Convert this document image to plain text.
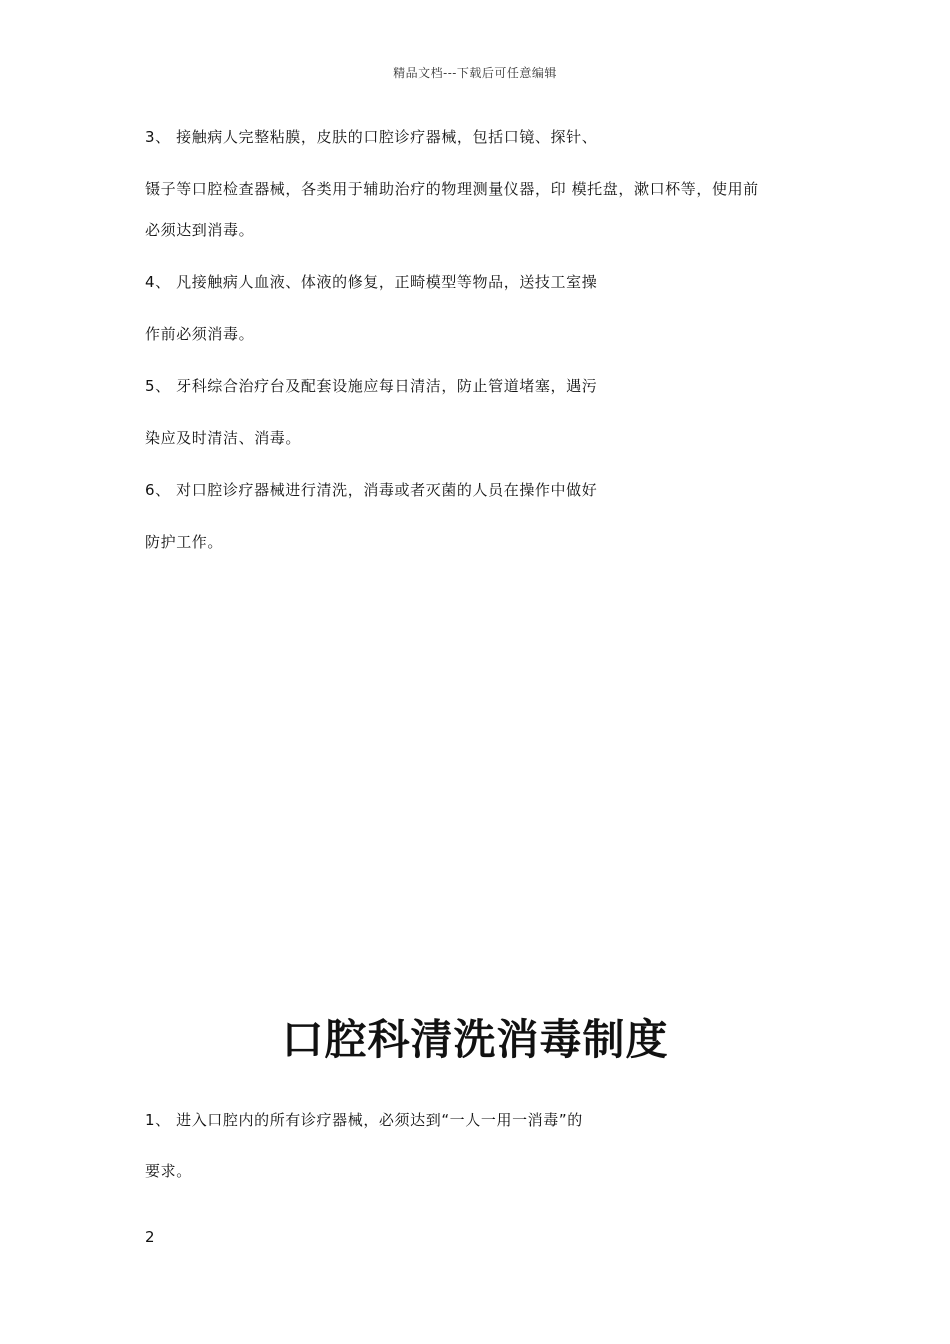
精品文档---下载后可任意编辑
3、 接触病人完整粘膜，皮肤的口腔诊疗器械，包括口镜、探针、
镊子等口腔检查器械，各类用于辅助治疗的物理测量仪器，印 模托盘，漱口杯等，使用前
必须达到消毒。
4、 凡接触病人血液、体液的修复，正畸模型等物品，送技工室操
作前必须消毒。
5、 牙科综合治疗台及配套设施应每日清洁，防止管道堵塞，遇污
染应及时清洁、消毒。
6、 对口腔诊疗器械进行清洗，消毒或者灭菌的人员在操作中做好
防护工作。
口腔科清洗消毒制度
1、 进入口腔内的所有诊疗器械，必须达到“一人一用一消毒”的
要求。
2
